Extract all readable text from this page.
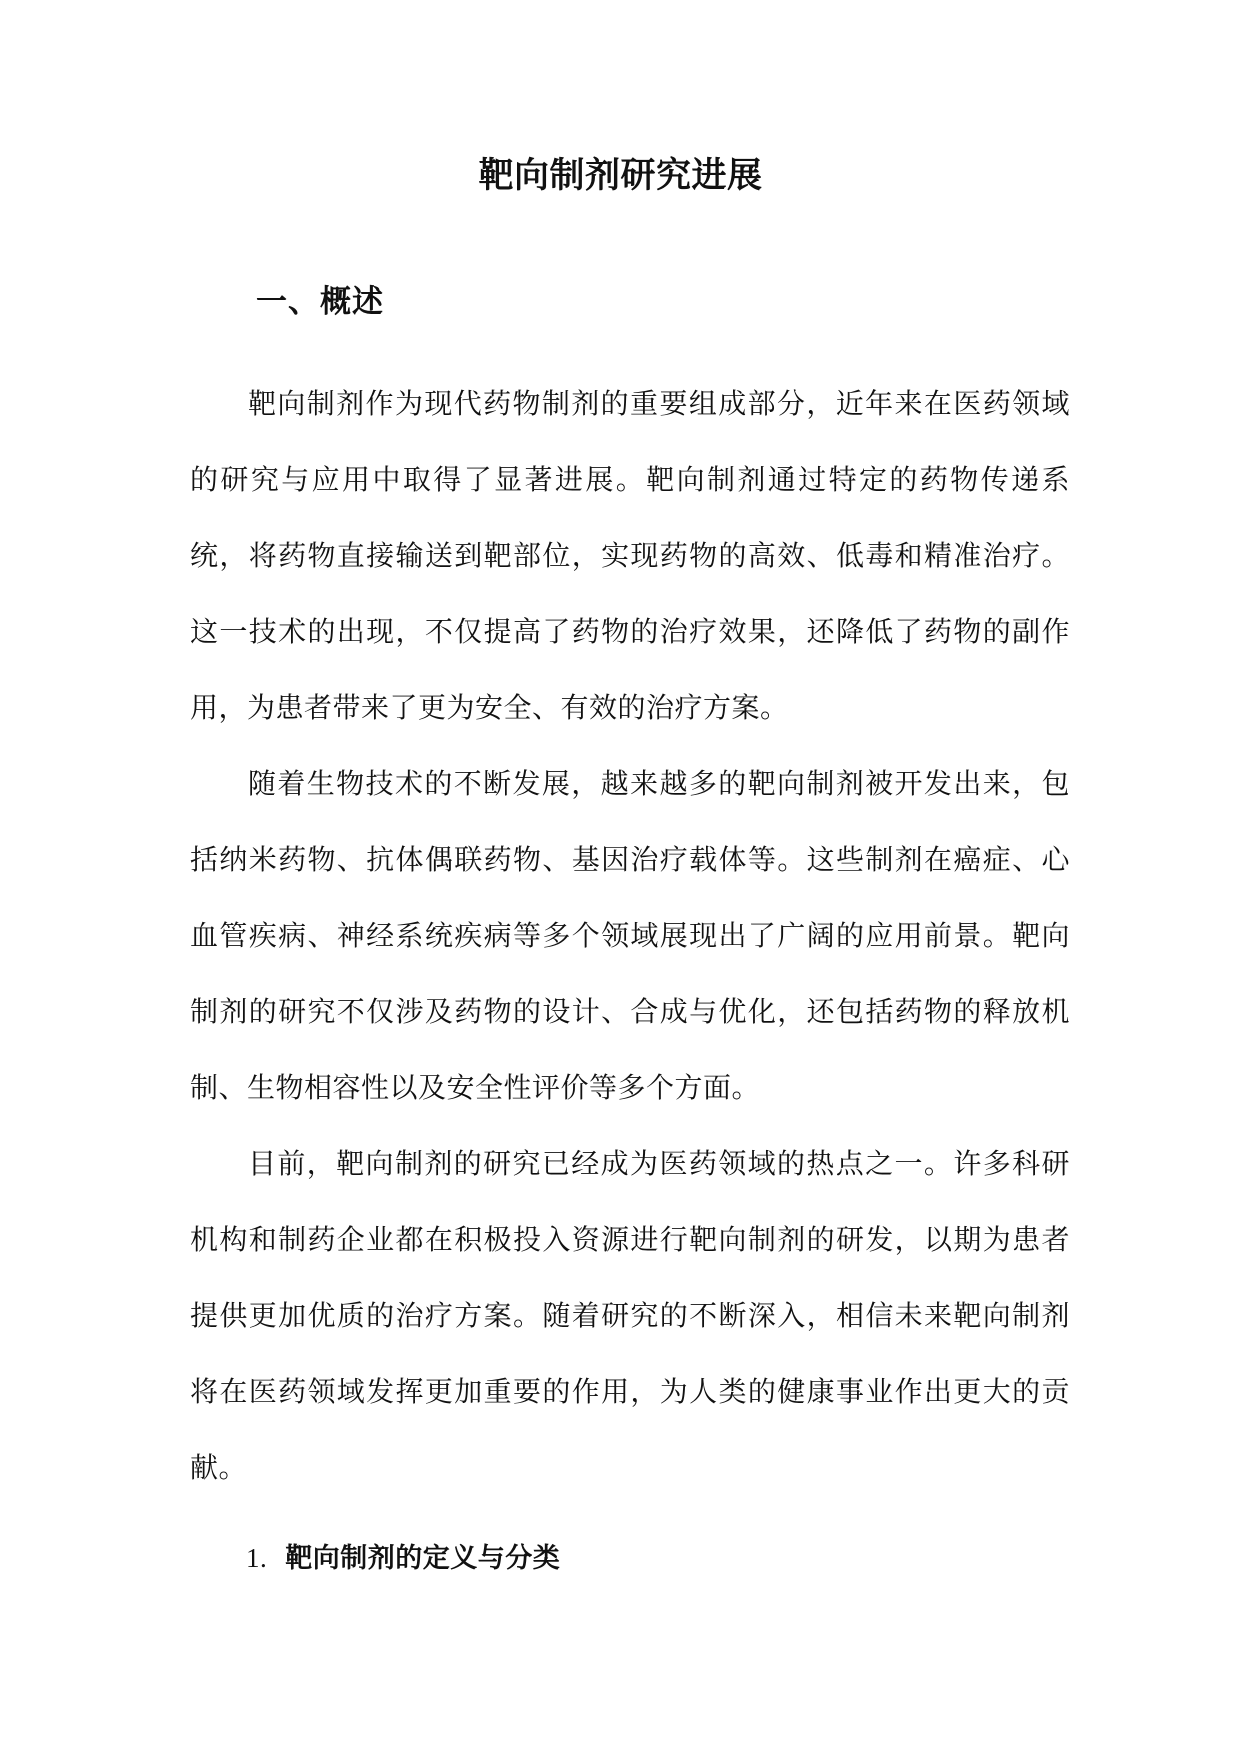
靶向制剂研究进展
一、概述

靶向制剂作为现代药物制剂的重要组成部分，近年来在医药领域的研究与应用中取得了显著进展。靶向制剂通过特定的药物传递系统，将药物直接输送到靶部位，实现药物的高效、低毒和精准治疗。这一技术的出现，不仅提高了药物的治疗效果，还降低了药物的副作用，为患者带来了更为安全、有效的治疗方案。

随着生物技术的不断发展，越来越多的靶向制剂被开发出来，包括纳米药物、抗体偶联药物、基因治疗载体等。这些制剂在癌症、心血管疾病、神经系统疾病等多个领域展现出了广阔的应用前景。靶向制剂的研究不仅涉及药物的设计、合成与优化，还包括药物的释放机制、生物相容性以及安全性评价等多个方面。

目前，靶向制剂的研究已经成为医药领域的热点之一。许多科研机构和制药企业都在积极投入资源进行靶向制剂的研发，以期为患者提供更加优质的治疗方案。随着研究的不断深入，相信未来靶向制剂将在医药领域发挥更加重要的作用，为人类的健康事业作出更大的贡献。

1. 靶向制剂的定义与分类
